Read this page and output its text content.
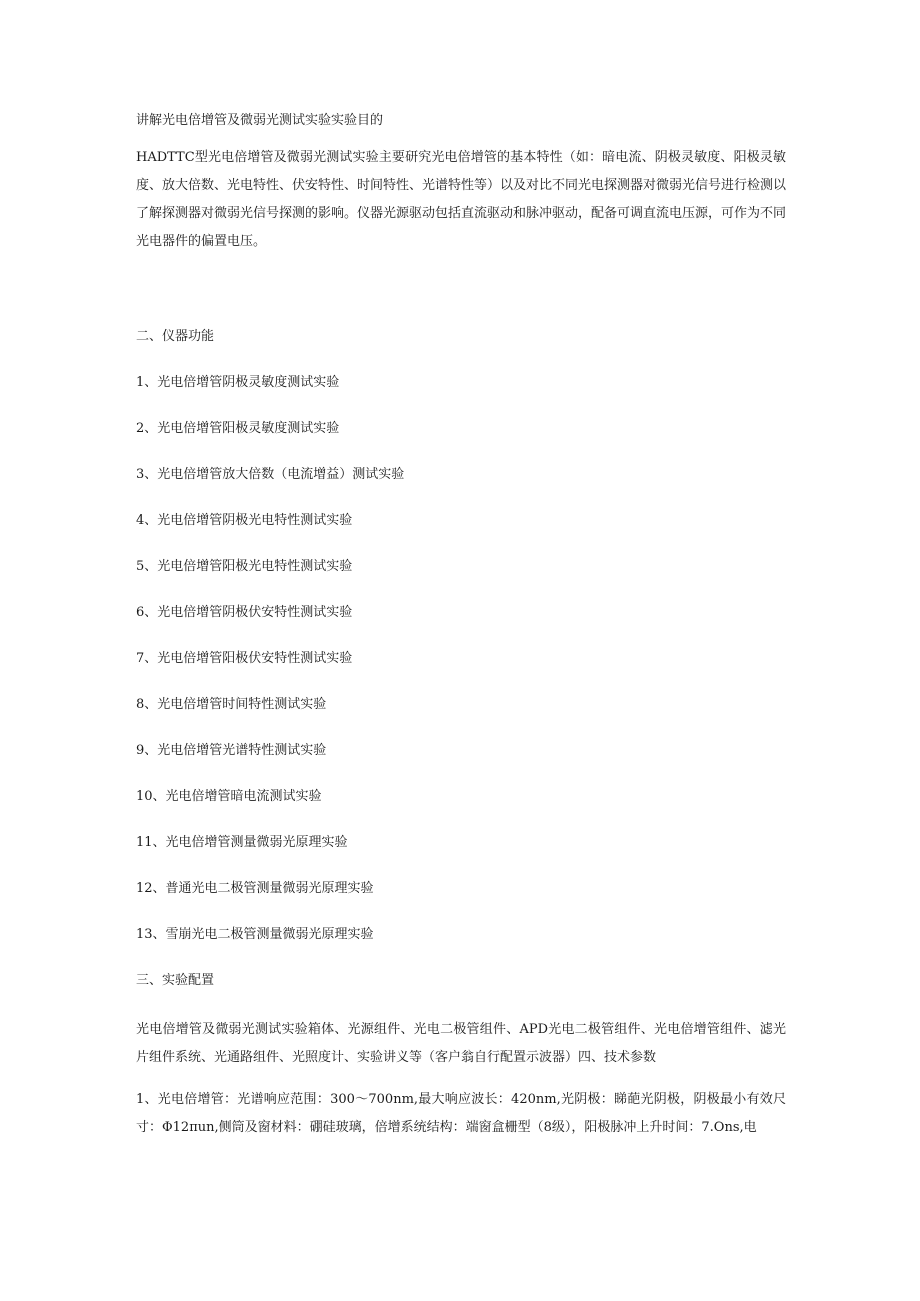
讲解光电倍增管及微弱光测试实验实验目的

HADTTC型光电倍增管及微弱光测试实验主要研究光电倍增管的基本特性（如：暗电流、阴极灵敏度、阳极灵敏度、放大倍数、光电特性、伏安特性、时间特性、光谱特性等）以及对比不同光电探测器对微弱光信号进行检测以了解探测器对微弱光信号探测的影响。仪器光源驱动包括直流驱动和脉冲驱动，配备可调直流电压源，可作为不同光电器件的偏置电压。

二、仪器功能

1、光电倍增管阴极灵敏度测试实验

2、光电倍增管阳极灵敏度测试实验

3、光电倍增管放大倍数（电流增益）测试实验

4、光电倍增管阴极光电特性测试实验

5、光电倍增管阳极光电特性测试实验

6、光电倍增管阴极伏安特性测试实验

7、光电倍增管阳极伏安特性测试实验

8、光电倍增管时间特性测试实验

9、光电倍增管光谱特性测试实验

10、光电倍增管暗电流测试实验

11、光电倍增管测量微弱光原理实验

12、普通光电二极管测量微弱光原理实验

13、雪崩光电二极管测量微弱光原理实验

三、实验配置

光电倍增管及微弱光测试实验箱体、光源组件、光电二极管组件、APD光电二极管组件、光电倍增管组件、滤光片组件系统、光通路组件、光照度计、实验讲义等（客户翁自行配置示波器）四、技术参数

1、光电倍增管：光谱响应范围：300～700nm,最大响应波长：420nm,光阴极：睇葩光阴极，阴极最小有效尺寸：Φ12πun,侧筒及窗材料：硼硅玻璃，倍增系统结构：端窗盒栅型（8级），阳极脉冲上升时间：7.Ons,电
